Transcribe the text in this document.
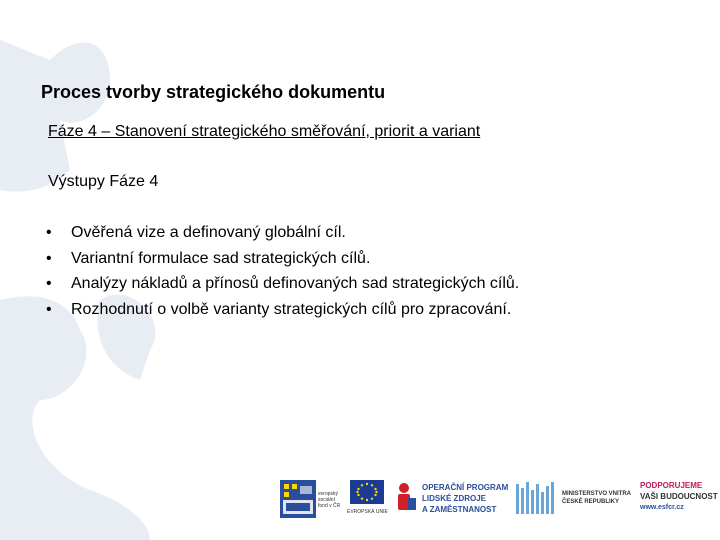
Proces tvorby strategického dokumentu
Fáze 4 – Stanovení strategického směřování, priorit a variant
Výstupy Fáze 4
•	Ověřená vize a definovaný globální cíl.
•	Variantní formulace sad strategických cílů.
•	Analýzy nákladů a přínosů definovaných sad strategických cílů.
•	Rozhodnutí o volbě varianty strategických cílů pro zpracování.
evropský
sociální
fond v ČR
EVROPSKÁ UNIE
OPERAČNÍ PROGRAM
LIDSKÉ ZDROJE
A ZAMĚSTNANOST
MINISTERSTVO VNITRA
ČESKÉ REPUBLIKY
PODPORUJEME
VAŠI BUDOUCNOST
www.esfcr.cz
